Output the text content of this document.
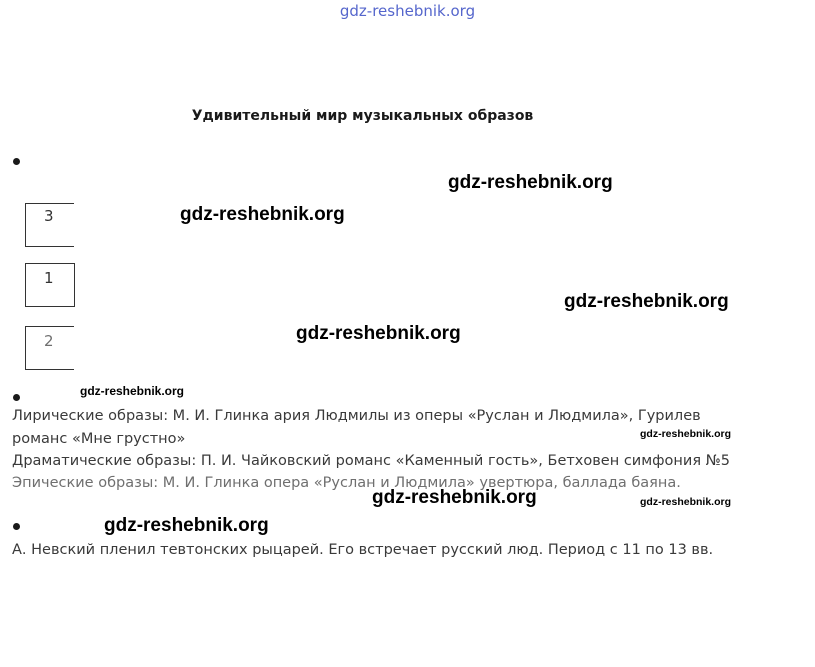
gdz-reshebnik.org
Удивительный мир музыкальных образов
3
1
2
gdz-reshebnik.org
gdz-reshebnik.org
gdz-reshebnik.org
gdz-reshebnik.org
gdz-reshebnik.org
gdz-reshebnik.org
gdz-reshebnik.org	gdz-reshebnik.org
gdz-reshebnik.org
Лирические образы: М. И. Глинка ария Людмилы из оперы «Руслан и Людмила», Гурилев
романс «Мне грустно»
Драматические образы: П. И. Чайковский романс «Каменный гость», Бетховен симфония №5
Эпические образы: М. И. Глинка опера «Руслан и Людмила» увертюра, баллада баяна.
А. Невский пленил тевтонских рыцарей. Его встречает русский люд. Период с 11 по 13 вв.
